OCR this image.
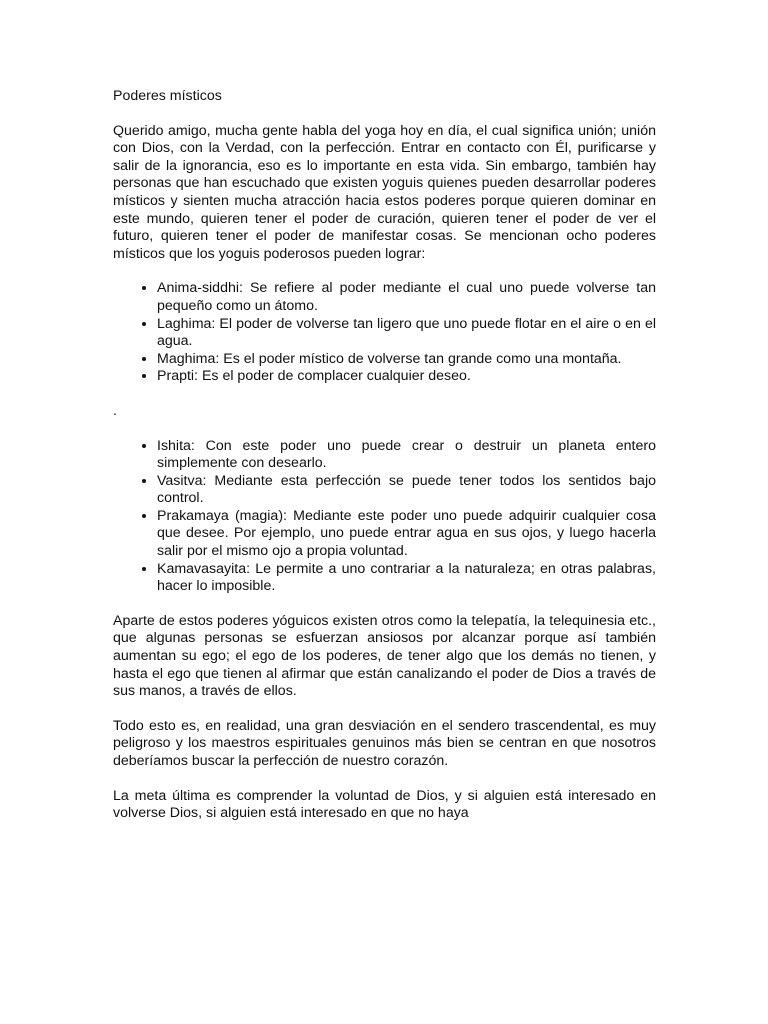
Poderes místicos

Querido amigo, mucha gente habla del yoga hoy en día, el cual significa unión; unión con Dios, con la Verdad, con la perfección. Entrar en contacto con Él, purificarse y salir de la ignorancia, eso es lo importante en esta vida. Sin embargo, también hay personas que han escuchado que existen yoguis quienes pueden desarrollar poderes místicos y sienten mucha atracción hacia estos poderes porque quieren dominar en este mundo, quieren tener el poder de curación, quieren tener el poder de ver el futuro, quieren tener el poder de manifestar cosas. Se mencionan ocho poderes místicos que los yoguis poderosos pueden lograr:

• Anima-siddhi: Se refiere al poder mediante el cual uno puede volverse tan pequeño como un átomo.
• Laghima: El poder de volverse tan ligero que uno puede flotar en el aire o en el agua.
• Maghima: Es el poder místico de volverse tan grande como una montaña.
• Prapti: Es el poder de complacer cualquier deseo.

.

• Ishita: Con este poder uno puede crear o destruir un planeta entero simplemente con desearlo.
• Vasitva: Mediante esta perfección se puede tener todos los sentidos bajo control.
• Prakamaya (magia): Mediante este poder uno puede adquirir cualquier cosa que desee. Por ejemplo, uno puede entrar agua en sus ojos, y luego hacerla salir por el mismo ojo a propia voluntad.
• Kamavasayita: Le permite a uno contrariar a la naturaleza; en otras palabras, hacer lo imposible.

Aparte de estos poderes yóguicos existen otros como la telepatía, la telequinesia etc., que algunas personas se esfuerzan ansiosos por alcanzar porque así también aumentan su ego; el ego de los poderes, de tener algo que los demás no tienen, y hasta el ego que tienen al afirmar que están canalizando el poder de Dios a través de sus manos, a través de ellos.

Todo esto es, en realidad, una gran desviación en el sendero trascendental, es muy peligroso y los maestros espirituales genuinos más bien se centran en que nosotros deberíamos buscar la perfección de nuestro corazón.

La meta última es comprender la voluntad de Dios, y si alguien está interesado en volverse Dios, si alguien está interesado en que no haya
